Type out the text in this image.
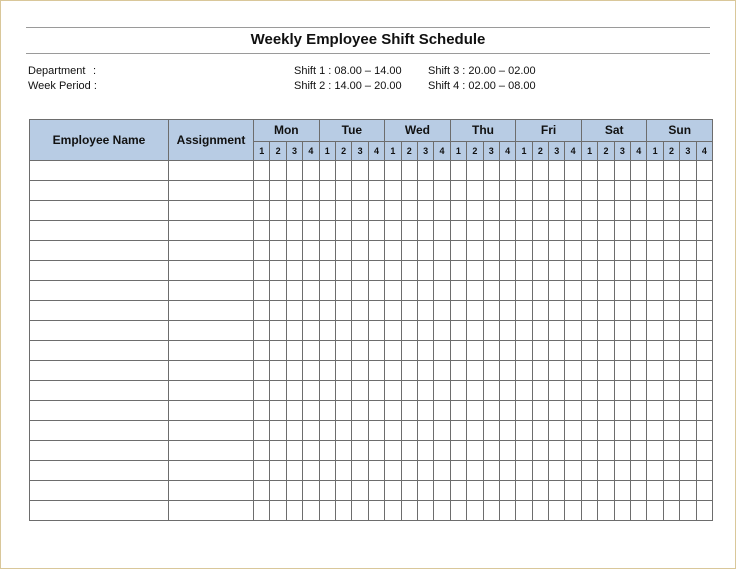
Weekly Employee Shift Schedule
Department :
Week Period :
Shift 1 : 08.00 – 14.00
Shift 2 : 14.00 – 20.00
Shift 3 : 20.00 – 02.00
Shift 4 : 02.00 – 08.00
Employee Name	Assignment	Mon				Tue				Wed				Thu				Fri				Sat				Sun			
		1	2	3	4	1	2	3	4	1	2	3	4	1	2	3	4	1	2	3	4	1	2	3	4	1	2	3	4
